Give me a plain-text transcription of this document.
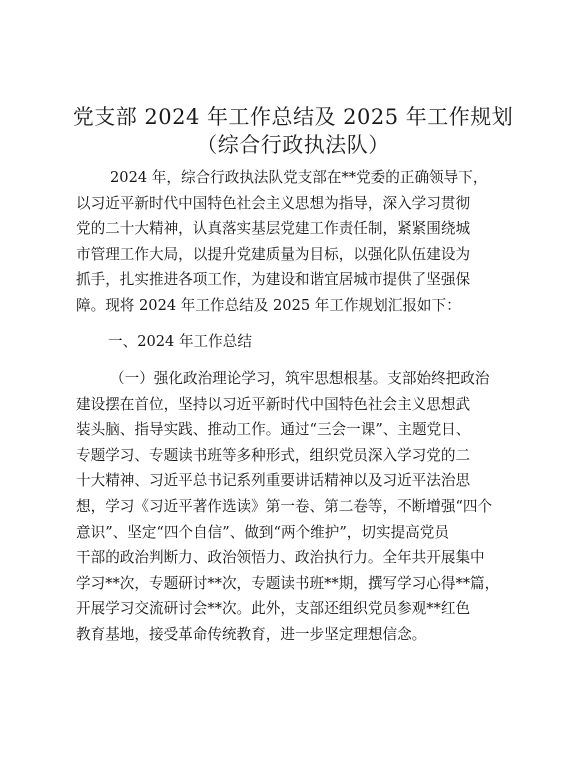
党支部 2024 年工作总结及 2025 年工作规划
（综合行政执法队）
2024 年，综合行政执法队党支部在**党委的正确领导下，
以习近平新时代中国特色社会主义思想为指导，深入学习贯彻
党的二十大精神，认真落实基层党建工作责任制，紧紧围绕城
市管理工作大局，以提升党建质量为目标，以强化队伍建设为
抓手，扎实推进各项工作，为建设和谐宜居城市提供了坚强保
障。现将 2024 年工作总结及 2025 年工作规划汇报如下：
一、2024 年工作总结
（一）强化政治理论学习，筑牢思想根基。支部始终把政治
建设摆在首位，坚持以习近平新时代中国特色社会主义思想武
装头脑、指导实践、推动工作。通过“三会一课”、主题党日、
专题学习、专题读书班等多种形式，组织党员深入学习党的二
十大精神、习近平总书记系列重要讲话精神以及习近平法治思
想，学习《习近平著作选读》第一卷、第二卷等，不断增强“四个
意识”、坚定“四个自信”、做到“两个维护”，切实提高党员
干部的政治判断力、政治领悟力、政治执行力。全年共开展集中
学习**次，专题研讨**次，专题读书班**期，撰写学习心得**篇，
开展学习交流研讨会**次。此外，支部还组织党员参观**红色
教育基地，接受革命传统教育，进一步坚定理想信念。
